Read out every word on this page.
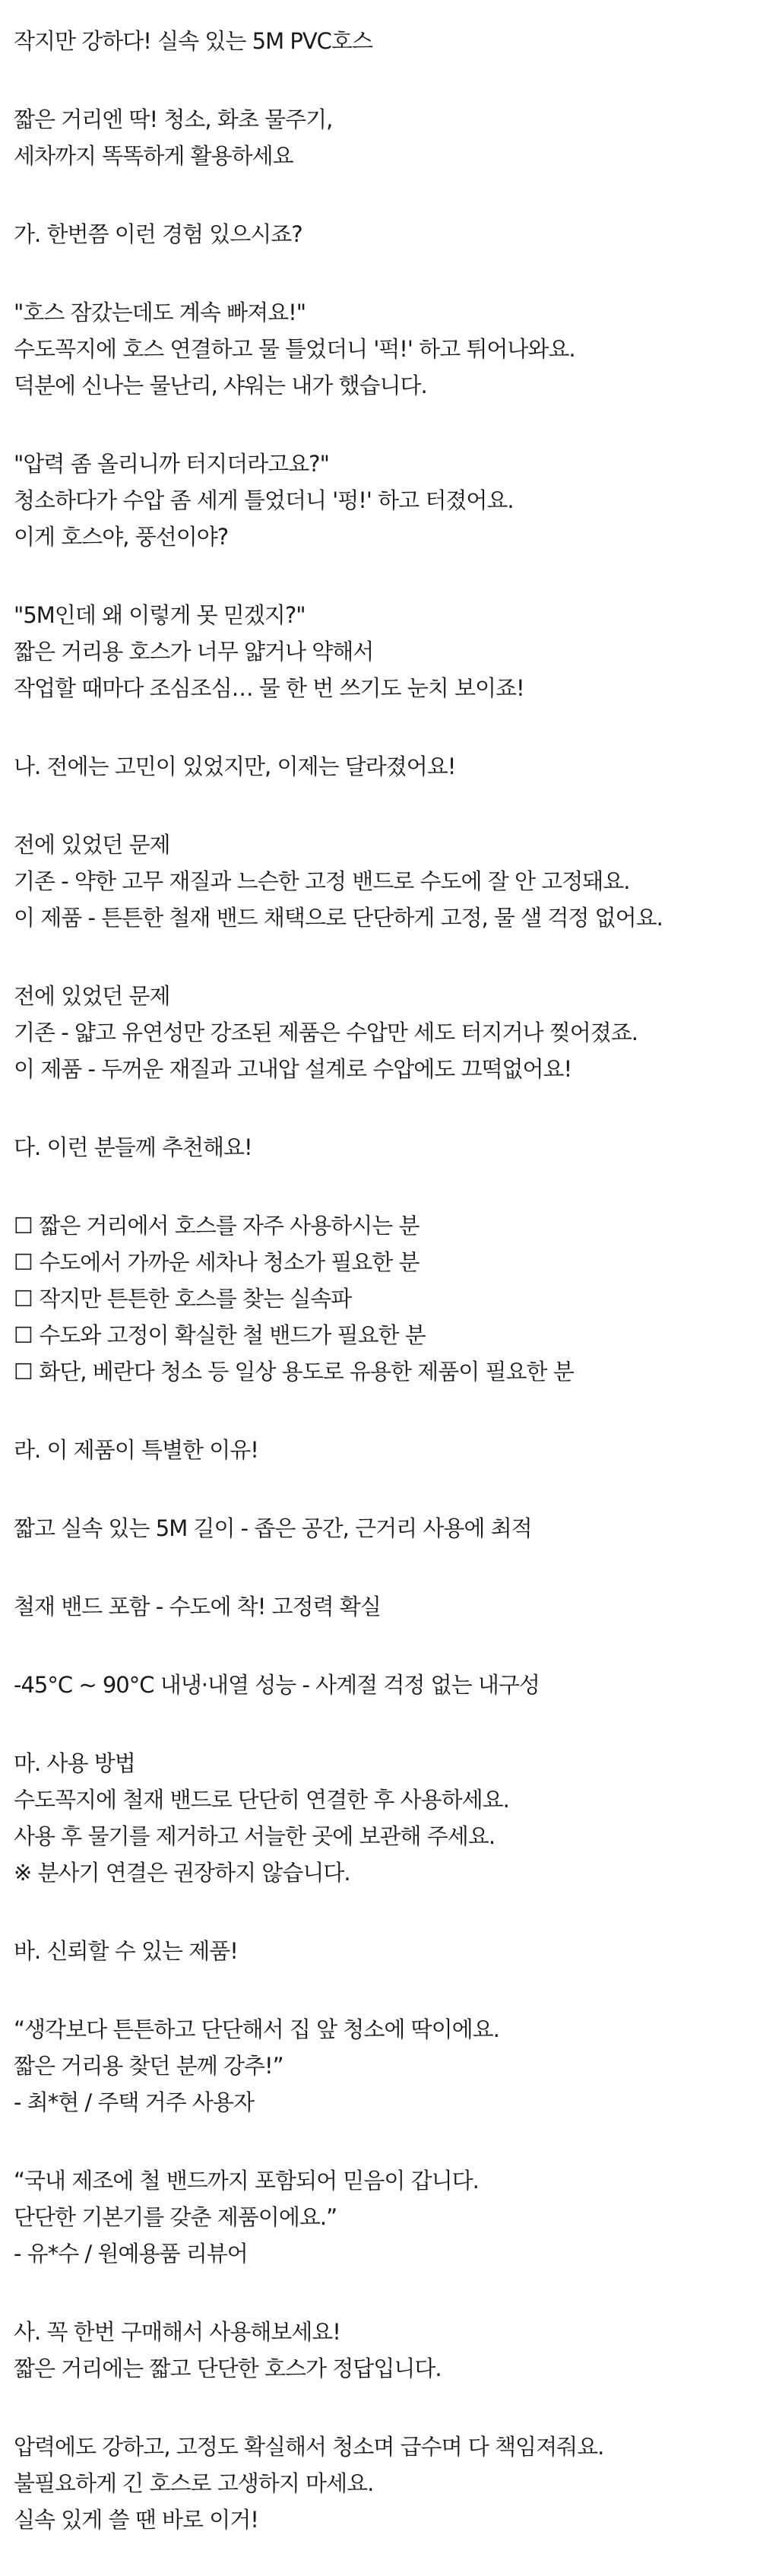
작지만 강하다! 실속 있는 5M PVC호스
짧은 거리엔 딱! 청소, 화초 물주기,
세차까지 똑똑하게 활용하세요
가. 한번쯤 이런 경험 있으시죠?
"호스 잠갔는데도 계속 빠져요!"
수도꼭지에 호스 연결하고 물 틀었더니 '퍽!' 하고 튀어나와요.
덕분에 신나는 물난리, 샤워는 내가 했습니다.
"압력 좀 올리니까 터지더라고요?"
청소하다가 수압 좀 세게 틀었더니 '펑!' 하고 터졌어요.
이게 호스야, 풍선이야?
"5M인데 왜 이렇게 못 믿겠지?"
짧은 거리용 호스가 너무 얇거나 약해서
작업할 때마다 조심조심… 물 한 번 쓰기도 눈치 보이죠!
나. 전에는 고민이 있었지만, 이제는 달라졌어요!
전에 있었던 문제
기존 - 약한 고무 재질과 느슨한 고정 밴드로 수도에 잘 안 고정돼요.
이 제품 - 튼튼한 철재 밴드 채택으로 단단하게 고정, 물 샐 걱정 없어요.
전에 있었던 문제
기존 - 얇고 유연성만 강조된 제품은 수압만 세도 터지거나 찢어졌죠.
이 제품 - 두꺼운 재질과 고내압 설계로 수압에도 끄떡없어요!
다. 이런 분들께 추천해요!
☐ 짧은 거리에서 호스를 자주 사용하시는 분
☐ 수도에서 가까운 세차나 청소가 필요한 분
☐ 작지만 튼튼한 호스를 찾는 실속파
☐ 수도와 고정이 확실한 철 밴드가 필요한 분
☐ 화단, 베란다 청소 등 일상 용도로 유용한 제품이 필요한 분
라. 이 제품이 특별한 이유!
짧고 실속 있는 5M 길이 - 좁은 공간, 근거리 사용에 최적
철재 밴드 포함 - 수도에 착! 고정력 확실
-45°C ~ 90°C 내냉·내열 성능 - 사계절 걱정 없는 내구성
마. 사용 방법
수도꼭지에 철재 밴드로 단단히 연결한 후 사용하세요.
사용 후 물기를 제거하고 서늘한 곳에 보관해 주세요.
※ 분사기 연결은 권장하지 않습니다.
바. 신뢰할 수 있는 제품!
“생각보다 튼튼하고 단단해서 집 앞 청소에 딱이에요.
짧은 거리용 찾던 분께 강추!”
- 최*현 / 주택 거주 사용자
“국내 제조에 철 밴드까지 포함되어 믿음이 갑니다.
단단한 기본기를 갖춘 제품이에요.”
- 유*수 / 원예용품 리뷰어
사. 꼭 한번 구매해서 사용해보세요!
짧은 거리에는 짧고 단단한 호스가 정답입니다.
압력에도 강하고, 고정도 확실해서 청소며 급수며 다 책임져줘요.
불필요하게 긴 호스로 고생하지 마세요.
실속 있게 쓸 땐 바로 이거!
